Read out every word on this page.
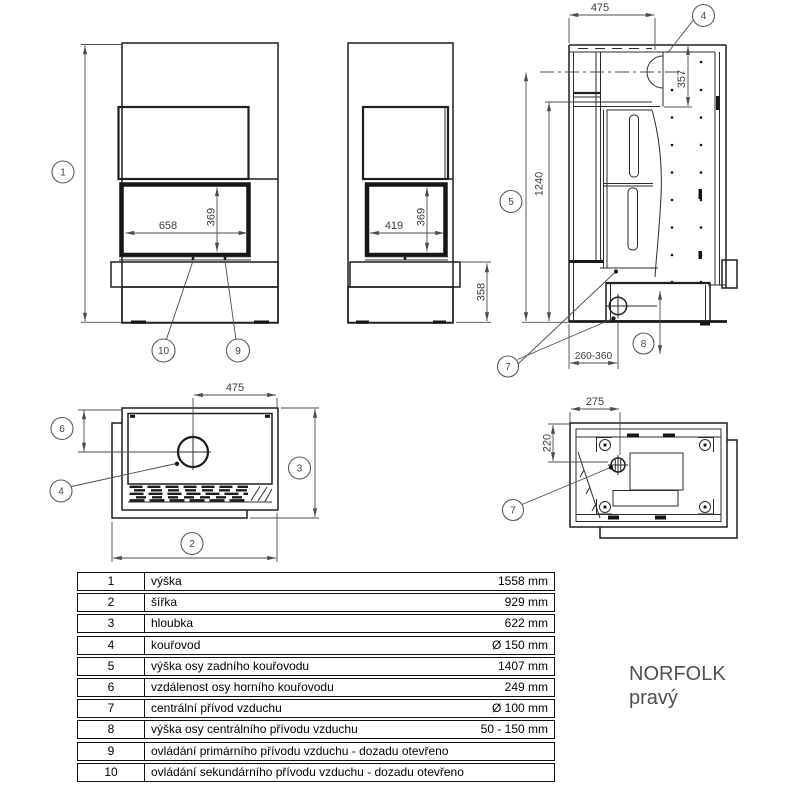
1
658	369
10	9
419 369
358
475
4
357
5
1240
260-360
8
7
475
6
4
3
2
275
220
7
1	výška	1558 mm
2	šířka	929 mm
3	hloubka	622 mm
4	kouřovod	Ø 150 mm
5	výška osy zadního kouřovodu	1407 mm
6	vzdálenost osy horního kouřovodu	249 mm
7	centrální přívod vzduchu	Ø 100 mm
8	výška osy centrálního přívodu vzduchu	50 - 150 mm
9	ovládání primárního přívodu vzduchu - dozadu otevřeno
10	ovládání sekundárního přívodu vzduchu - dozadu otevřeno
NORFOLK
pravý
